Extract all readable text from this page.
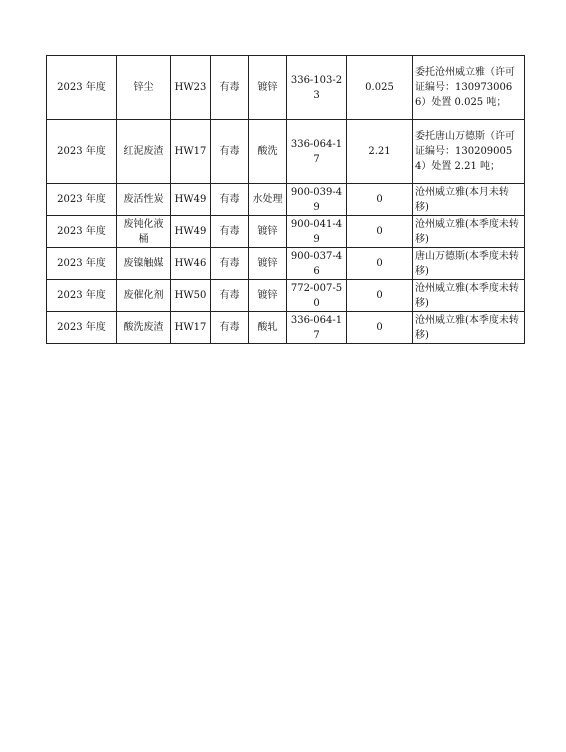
2023 年度	锌尘	HW23	有毒	镀锌	336-103-23	0.025	委托沧州威立雅（许可证编号：1309730066）处置 0.025 吨；
2023 年度	红泥废渣	HW17	有毒	酸洗	336-064-17	2.21	委托唐山万德斯（许可证编号：1302090054）处置 2.21 吨；
2023 年度	废活性炭	HW49	有毒	水处理	900-039-49	0	沧州威立雅(本月未转移)
2023 年度	废钝化液桶	HW49	有毒	镀锌	900-041-49	0	沧州威立雅(本季度未转移)
2023 年度	废镍触媒	HW46	有毒	镀锌	900-037-46	0	唐山万德斯(本季度未转移)
2023 年度	废催化剂	HW50	有毒	镀锌	772-007-50	0	沧州威立雅(本季度未转移)
2023 年度	酸洗废渣	HW17	有毒	酸轧	336-064-17	0	沧州威立雅(本季度未转移)
